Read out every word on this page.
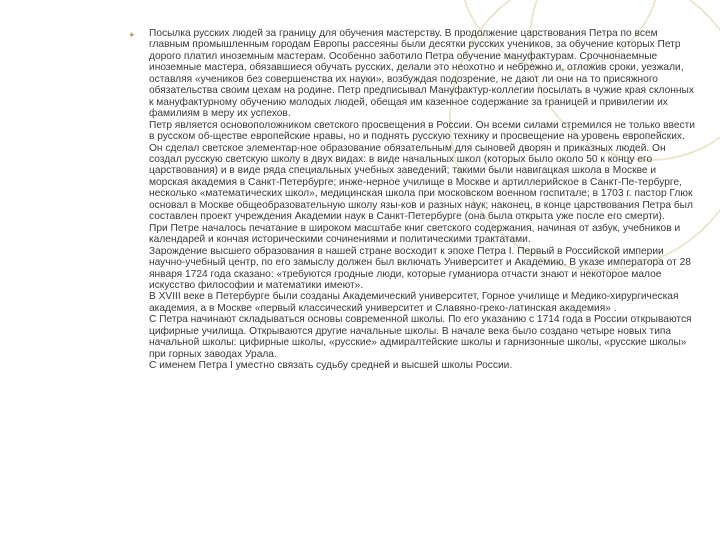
✦ Посылка русских людей за границу для обучения мастерству. В продолжение царствования Петра по всем главным промышленным городам Европы рассеяны были десятки русских учеников, за обучение которых Петр дорого платил иноземным мастерам. Особенно заботило Петра обучение мануфактурам. Срочнонаемные иноземные мастера, обязавшиеся обучать русских, делали это неохотно и небрежно и, отложив сроки, уезжали, оставляя «учеников без совершенства их науки», возбуждая подозрение, не дают ли они на то присяжного обязательства своим цехам на родине. Петр предписывал Мануфактур-коллегии посылать в чужие края склонных к мануфактурному обучению молодых людей, обещая им казенное содержание за границей и привилегии их фамилиям в меру их успехов.

Петр является основоположником светского просвещения в России. Он всеми силами стремился не только ввести в русском об-ществе европейские нравы, но и поднять русскую технику и просвещение на уровень европейских. Он сделал светское элементар-ное образование обязательным для сыновей дворян и приказных людей. Он создал русскую светскую школу в двух видах: в виде начальных школ (которых было около 50 к концу его царствования) и в виде ряда специальных учебных заведений; такими были навигацкая школа в Москве и морская академия в Санкт-Петербурге; инже-нерное училище в Москве и артиллерийское в Санкт-Пе-тербурге, несколько «математических школ», медицинская школа при московском военном госпитале; в 1703 г. пастор Глюк основал в Москве общеобразовательную школу язы-ков и разных наук; наконец, в конце царствования Петра был составлен проект учреждения Академии наук в Санкт-Петербурге (она была открыта уже после его смерти).

При Петре началось печатание в широком масштабе книг светского содержания, начиная от азбук, учебников и календарей и кончая историческими сочинениями и политическими трактатами.

Зарождение высшего образования в нашей стране восходит к эпохе Петра I. Первый в Российской империи научно-учебный центр, по его замыслу должен был включать Университет и Академию. В указе императора от 28 января 1724 года сказано: «требуются гродные люди, которые гуманиора отчасти знают и некоторое малое искусство философии и математики имеют».

В XVIII веке в Петербурге были созданы Академический университет, Горное училище и Медико-хирургическая академия, а в Москве «первый классический университет и Славяно-греко-латинская академия» .

С Петра начинают складываться основы современной школы. По его указанию с 1714 года в России открываются цифирные училища. Открываются другие начальные школы. В начале века было создано четыре новых типа начальной школы: цифирные школы, «русские» адмиралтейские школы и гарнизонные школы, «русские школы» при горных заводах Урала.

С именем Петра I уместно связать судьбу средней и высшей школы России.
